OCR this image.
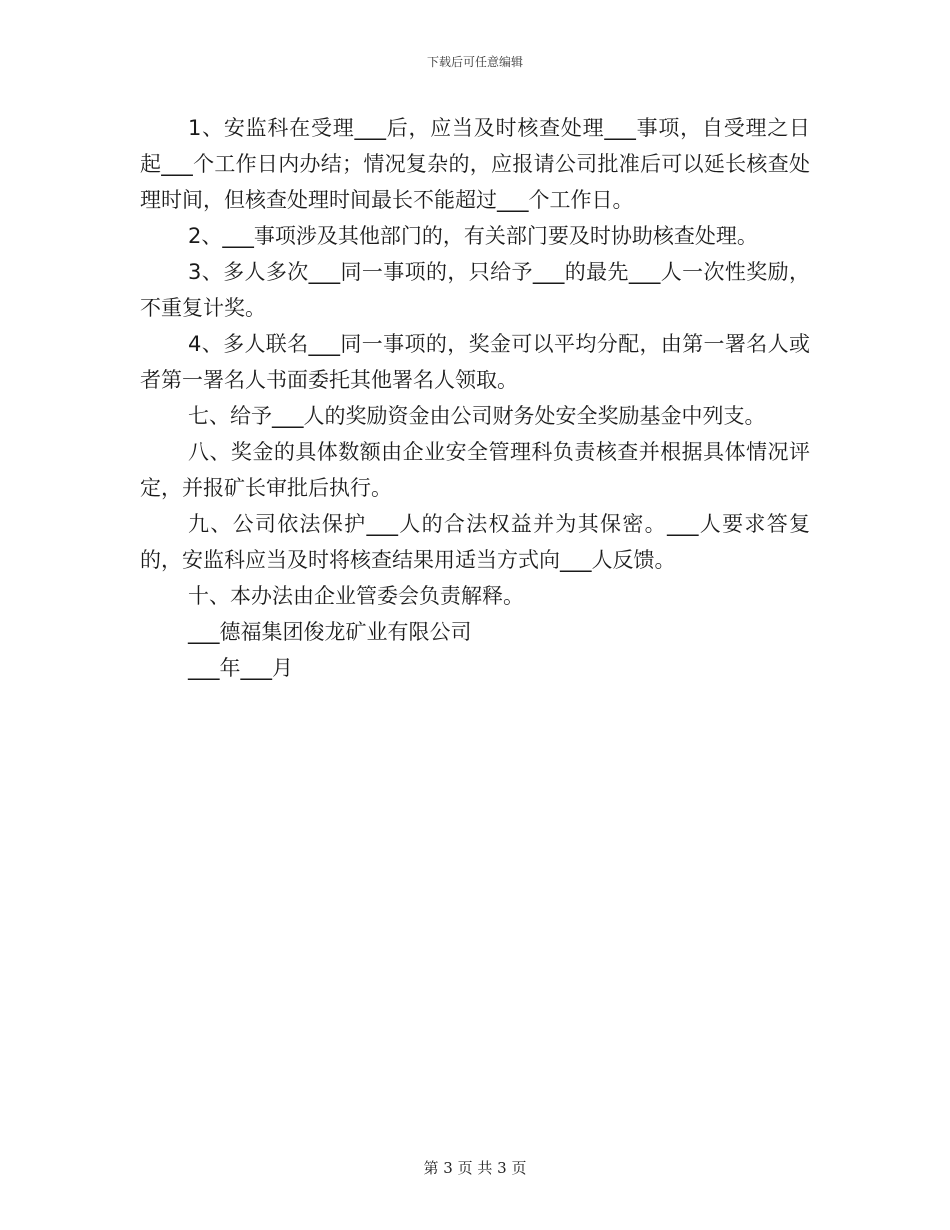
下载后可任意编辑

1、安监科在受理___后，应当及时核查处理___事项，自受理之日起___个工作日内办结；情况复杂的，应报请公司批准后可以延长核查处理时间，但核查处理时间最长不能超过___个工作日。

2、___事项涉及其他部门的，有关部门要及时协助核查处理。

3、多人多次___同一事项的，只给予___的最先___人一次性奖励，不重复计奖。

4、多人联名___同一事项的，奖金可以平均分配，由第一署名人或者第一署名人书面委托其他署名人领取。

七、给予___人的奖励资金由公司财务处安全奖励基金中列支。

八、奖金的具体数额由企业安全管理科负责核查并根据具体情况评定，并报矿长审批后执行。

九、公司依法保护___人的合法权益并为其保密。___人要求答复的，安监科应当及时将核查结果用适当方式向___人反馈。

十、本办法由企业管委会负责解释。

___德福集团俊龙矿业有限公司

___年___月

第 3 页 共 3 页
